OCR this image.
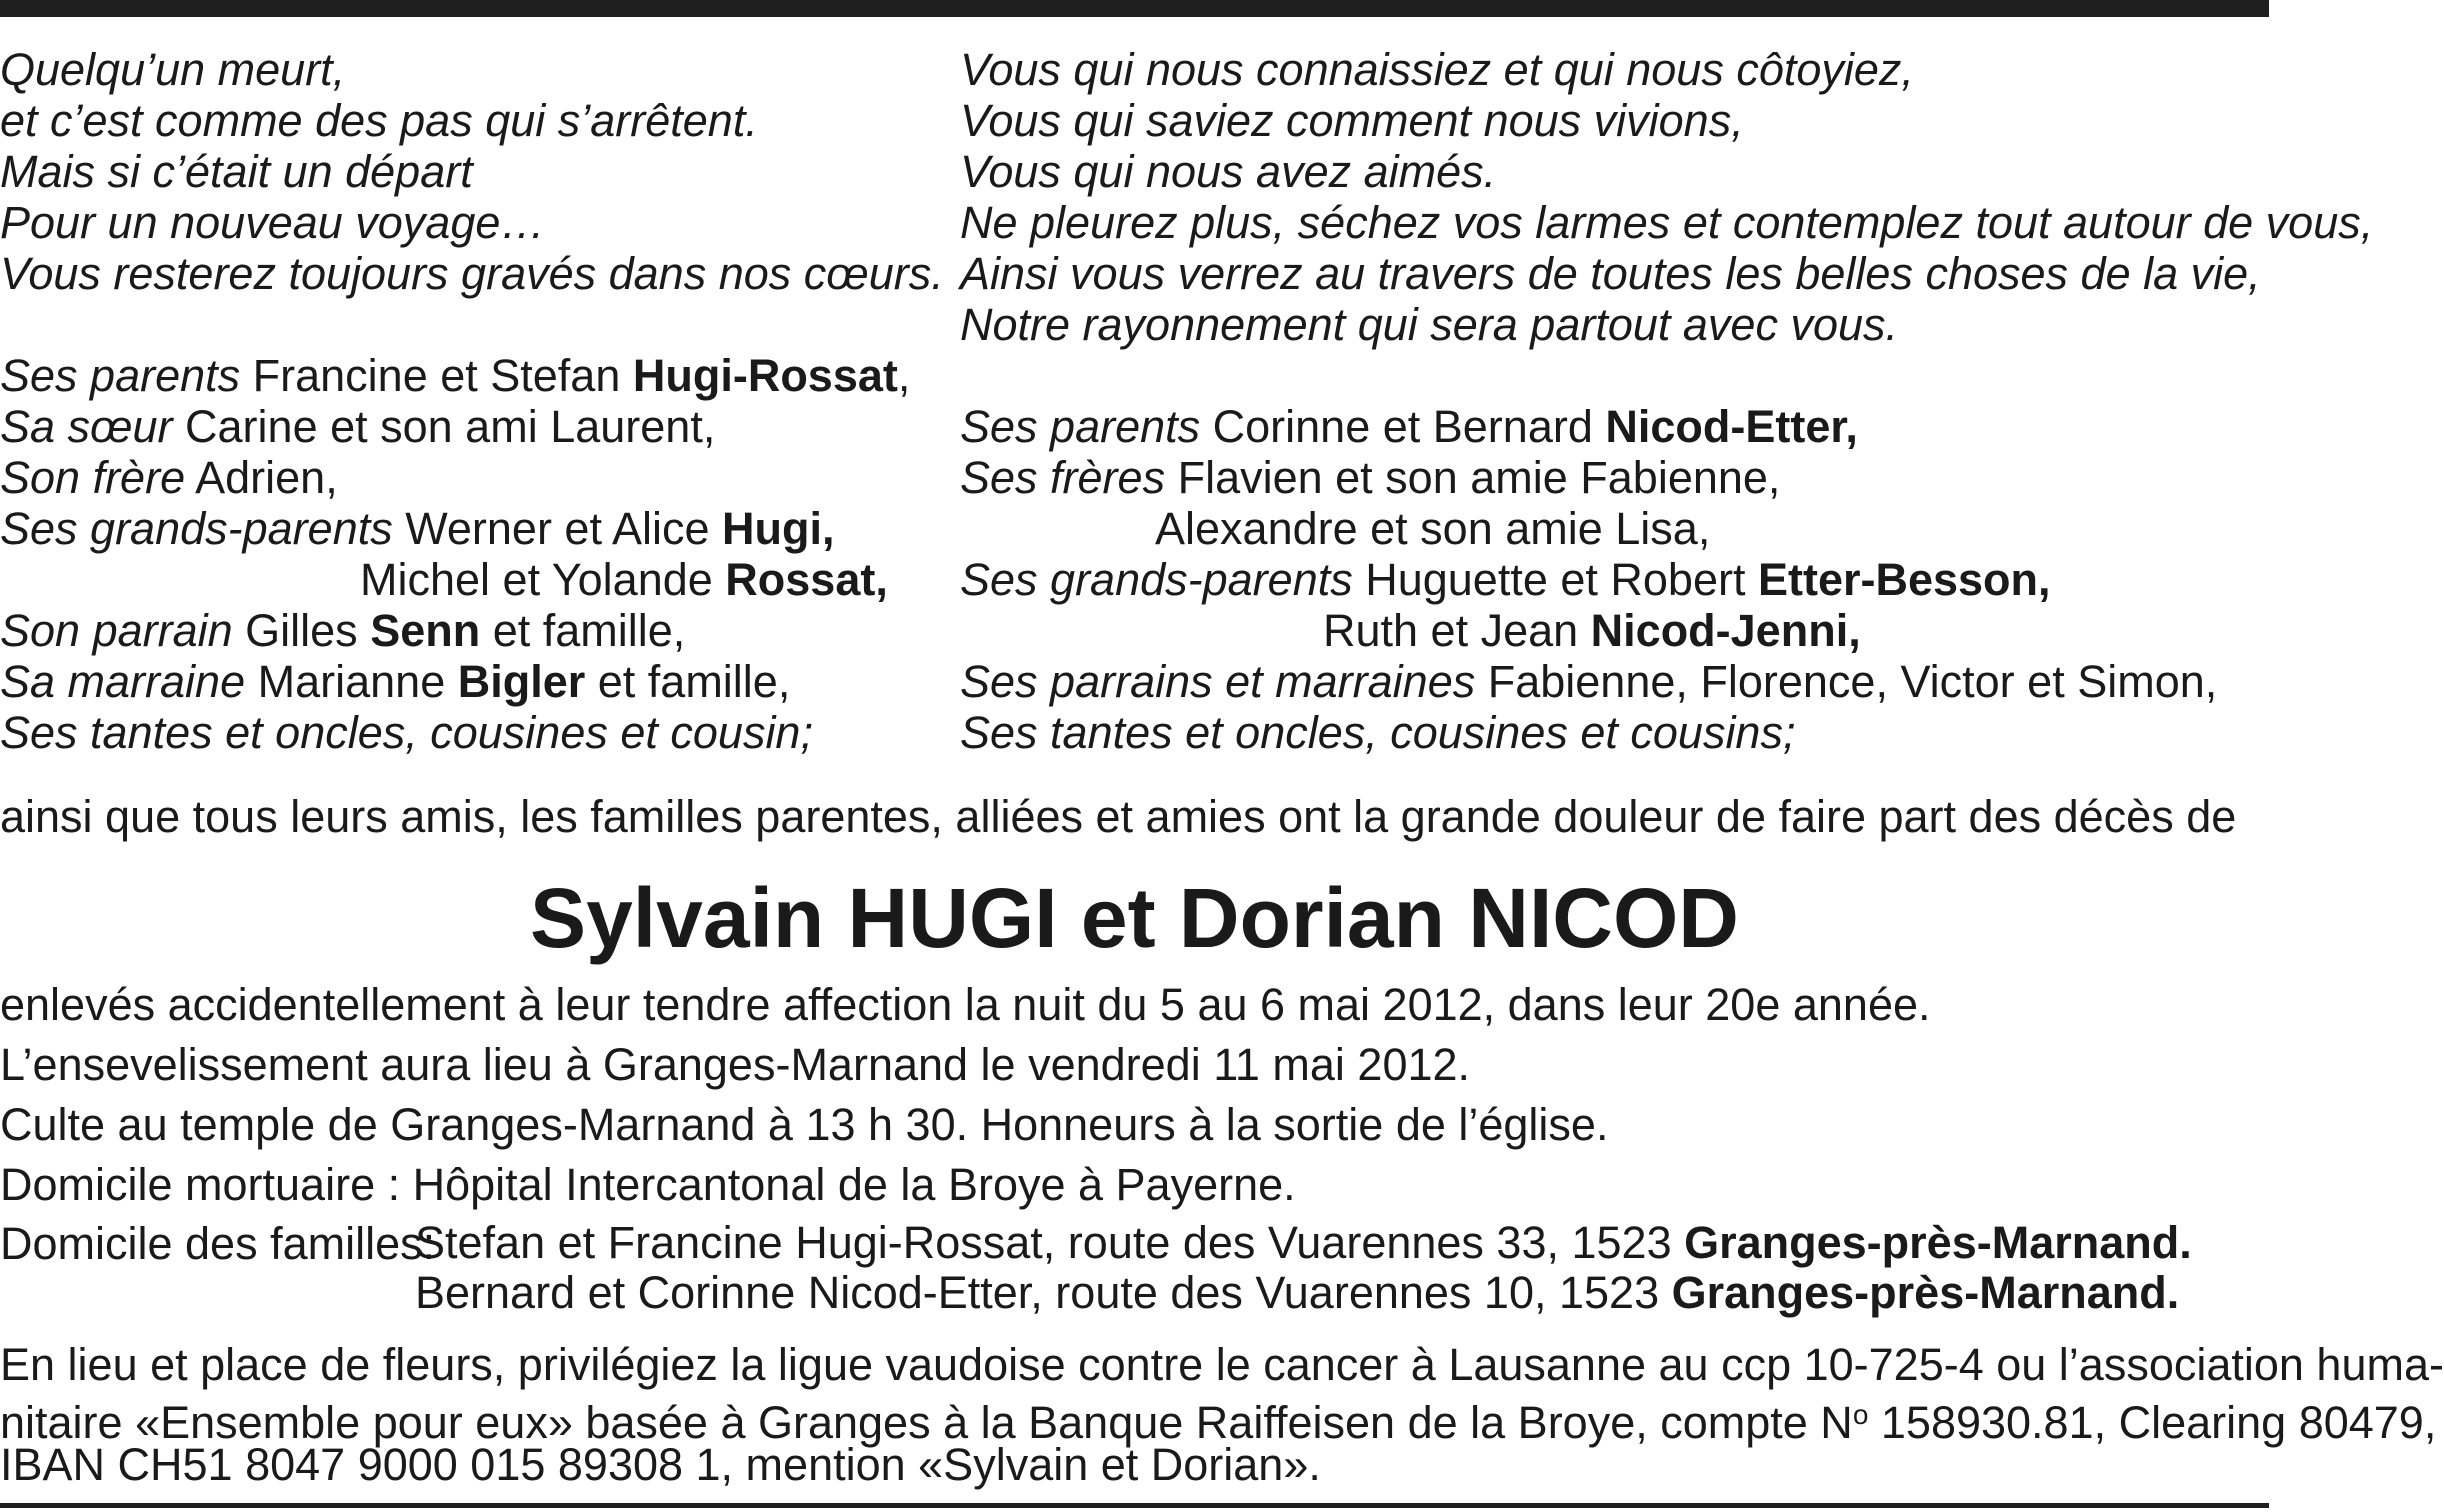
Quelqu’un meurt,
et c’est comme des pas qui s’arrêtent.
Mais si c’était un départ
Pour un nouveau voyage…
Vous resterez toujours gravés dans nos cœurs.
Ses parents Francine et Stefan Hugi-Rossat,
Sa sœur Carine et son ami Laurent,
Son frère Adrien,
Ses grands-parents Werner et Alice Hugi,
Michel et Yolande Rossat,
Son parrain Gilles Senn et famille,
Sa marraine Marianne Bigler et famille,
Ses tantes et oncles, cousines et cousin;
Vous qui nous connaissiez et qui nous côtoyiez,
Vous qui saviez comment nous vivions,
Vous qui nous avez aimés.
Ne pleurez plus, séchez vos larmes et contemplez tout autour de vous,
Ainsi vous verrez au travers de toutes les belles choses de la vie,
Notre rayonnement qui sera partout avec vous.
Ses parents Corinne et Bernard Nicod-Etter,
Ses frères Flavien et son amie Fabienne,
Alexandre et son amie Lisa,
Ses grands-parents Huguette et Robert Etter-Besson,
Ruth et Jean Nicod-Jenni,
Ses parrains et marraines Fabienne, Florence, Victor et Simon,
Ses tantes et oncles, cousines et cousins;
ainsi que tous leurs amis, les familles parentes, alliées et amies ont la grande douleur de faire part des décès de
Sylvain HUGI et Dorian NICOD
enlevés accidentellement à leur tendre affection la nuit du 5 au 6 mai 2012, dans leur 20e année.
L’ensevelissement aura lieu à Granges-Marnand le vendredi 11 mai 2012.
Culte au temple de Granges-Marnand à 13 h 30. Honneurs à la sortie de l’église.
Domicile mortuaire : Hôpital Intercantonal de la Broye à Payerne.
Domicile des familles:
Stefan et Francine Hugi-Rossat, route des Vuarennes 33, 1523 Granges-près-Marnand.
Bernard et Corinne Nicod-Etter, route des Vuarennes 10, 1523 Granges-près-Marnand.
En lieu et place de fleurs, privilégiez la ligue vaudoise contre le cancer à Lausanne au ccp 10-725-4 ou l’association huma-
nitaire «Ensemble pour eux» basée à Granges à la Banque Raiffeisen de la Broye, compte $N^o$ 158930.81, Clearing 80479,
IBAN CH51 8047 9000 015 89308 1, mention «Sylvain et Dorian».
